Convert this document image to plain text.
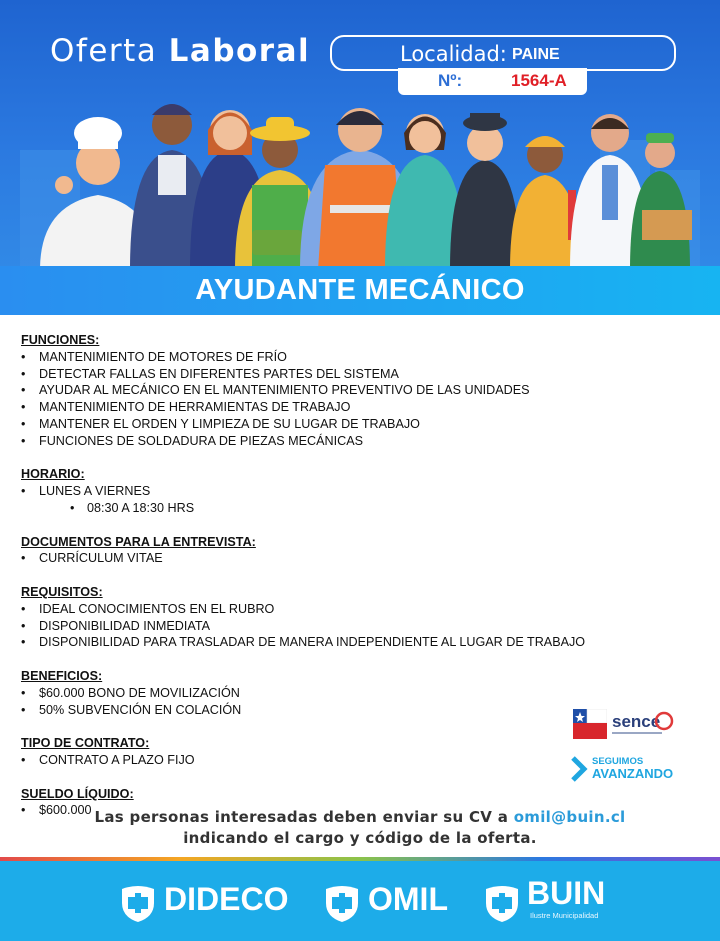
Oferta Laboral	Localidad: PAINE
Nº:	1564-A
AYUDANTE MECÁNICO
FUNCIONES:
• MANTENIMIENTO DE MOTORES DE FRÍO
• DETECTAR FALLAS EN DIFERENTES PARTES DEL SISTEMA
• AYUDAR AL MECÁNICO EN EL MANTENIMIENTO PREVENTIVO DE LAS UNIDADES
• MANTENIMIENTO DE HERRAMIENTAS DE TRABAJO
• MANTENER EL ORDEN Y LIMPIEZA DE SU LUGAR DE TRABAJO
• FUNCIONES DE SOLDADURA DE PIEZAS MECÁNICAS
HORARIO:
• LUNES A VIERNES
• 08:30 A 18:30 HRS
DOCUMENTOS PARA LA ENTREVISTA:
• CURRÍCULUM VITAE
REQUISITOS:
• IDEAL CONOCIMIENTOS EN EL RUBRO
• DISPONIBILIDAD INMEDIATA
• DISPONIBILIDAD PARA TRASLADAR DE MANERA INDEPENDIENTE AL LUGAR DE TRABAJO
BENEFICIOS:
• $60.000 BONO DE MOVILIZACIÓN
• 50% SUBVENCIÓN EN COLACIÓN
TIPO DE CONTRATO:
• CONTRATO A PLAZO FIJO
SUELDO LÍQUIDO:
• $600.000 Las personas interesadas deben enviar su CV a omil@buin.cl
indicando el cargo y código de la oferta.
sence
SEGUIMOS
AVANZANDO
DIDECO OMIL BUIN
Ilustre Municipalidad
